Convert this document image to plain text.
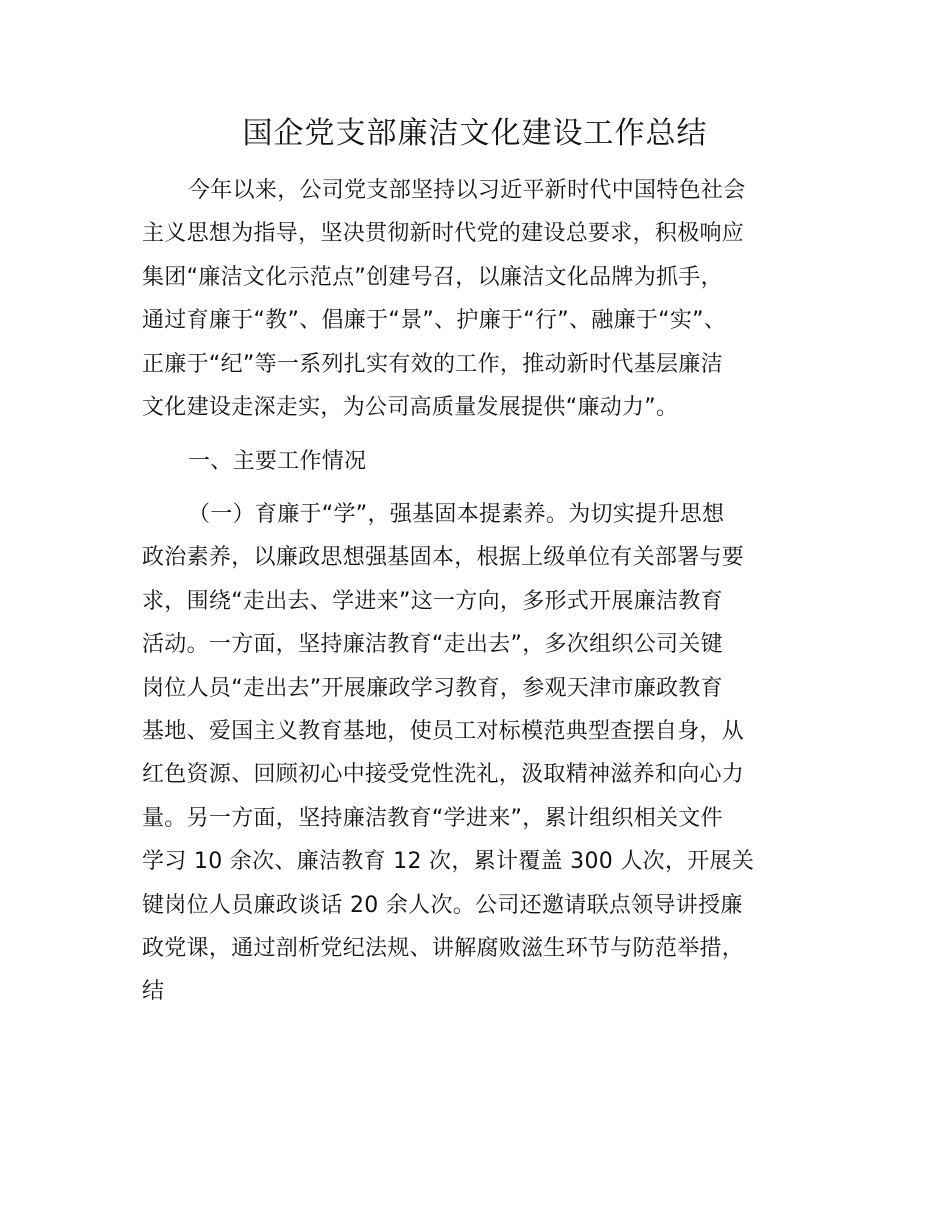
国企党支部廉洁文化建设工作总结
今年以来，公司党支部坚持以习近平新时代中国特色社会
主义思想为指导，坚决贯彻新时代党的建设总要求，积极响应
集团“廉洁文化示范点”创建号召，以廉洁文化品牌为抓手，
通过育廉于“教”、倡廉于“景”、护廉于“行”、融廉于“实”、
正廉于“纪”等一系列扎实有效的工作，推动新时代基层廉洁
文化建设走深走实，为公司高质量发展提供“廉动力”。
一、主要工作情况
（一）育廉于“学”，强基固本提素养。为切实提升思想
政治素养，以廉政思想强基固本，根据上级单位有关部署与要
求，围绕“走出去、学进来”这一方向，多形式开展廉洁教育
活动。一方面，坚持廉洁教育“走出去”，多次组织公司关键
岗位人员“走出去”开展廉政学习教育，参观天津市廉政教育
基地、爱国主义教育基地，使员工对标模范典型查摆自身，从
红色资源、回顾初心中接受党性洗礼，汲取精神滋养和向心力
量。另一方面，坚持廉洁教育“学进来”，累计组织相关文件
学习 10 余次、廉洁教育 12 次，累计覆盖 300 人次，开展关
键岗位人员廉政谈话 20 余人次。公司还邀请联点领导讲授廉
政党课，通过剖析党纪法规、讲解腐败滋生环节与防范举措，
结
